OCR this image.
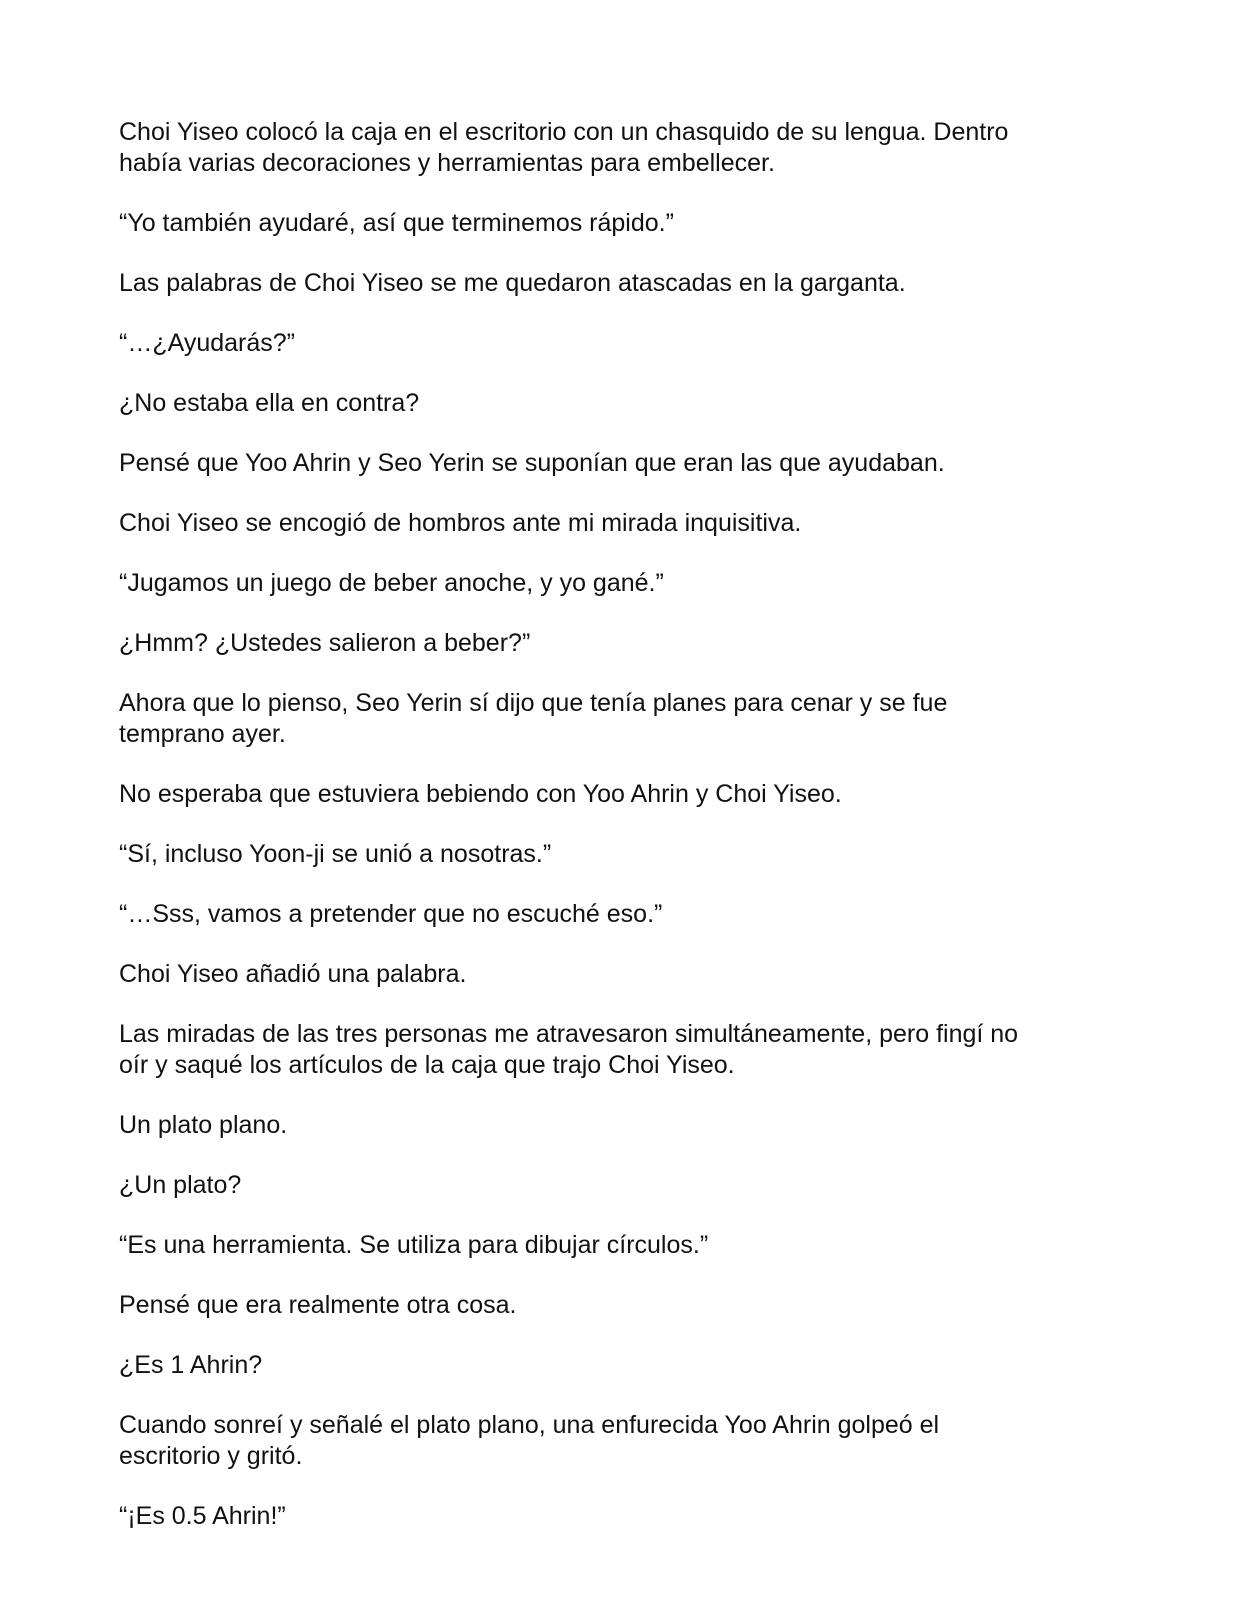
Choi Yiseo colocó la caja en el escritorio con un chasquido de su lengua. Dentro
había varias decoraciones y herramientas para embellecer.

“Yo también ayudaré, así que terminemos rápido.”

Las palabras de Choi Yiseo se me quedaron atascadas en la garganta.

“…¿Ayudarás?”

¿No estaba ella en contra?

Pensé que Yoo Ahrin y Seo Yerin se suponían que eran las que ayudaban.

Choi Yiseo se encogió de hombros ante mi mirada inquisitiva.

“Jugamos un juego de beber anoche, y yo gané.”

¿Hmm? ¿Ustedes salieron a beber?”

Ahora que lo pienso, Seo Yerin sí dijo que tenía planes para cenar y se fue
temprano ayer.

No esperaba que estuviera bebiendo con Yoo Ahrin y Choi Yiseo.

“Sí, incluso Yoon-ji se unió a nosotras.”

“…Sss, vamos a pretender que no escuché eso.”

Choi Yiseo añadió una palabra.

Las miradas de las tres personas me atravesaron simultáneamente, pero fingí no
oír y saqué los artículos de la caja que trajo Choi Yiseo.

Un plato plano.

¿Un plato?

“Es una herramienta. Se utiliza para dibujar círculos.”

Pensé que era realmente otra cosa.

¿Es 1 Ahrin?

Cuando sonreí y señalé el plato plano, una enfurecida Yoo Ahrin golpeó el
escritorio y gritó.

“¡Es 0.5 Ahrin!”
